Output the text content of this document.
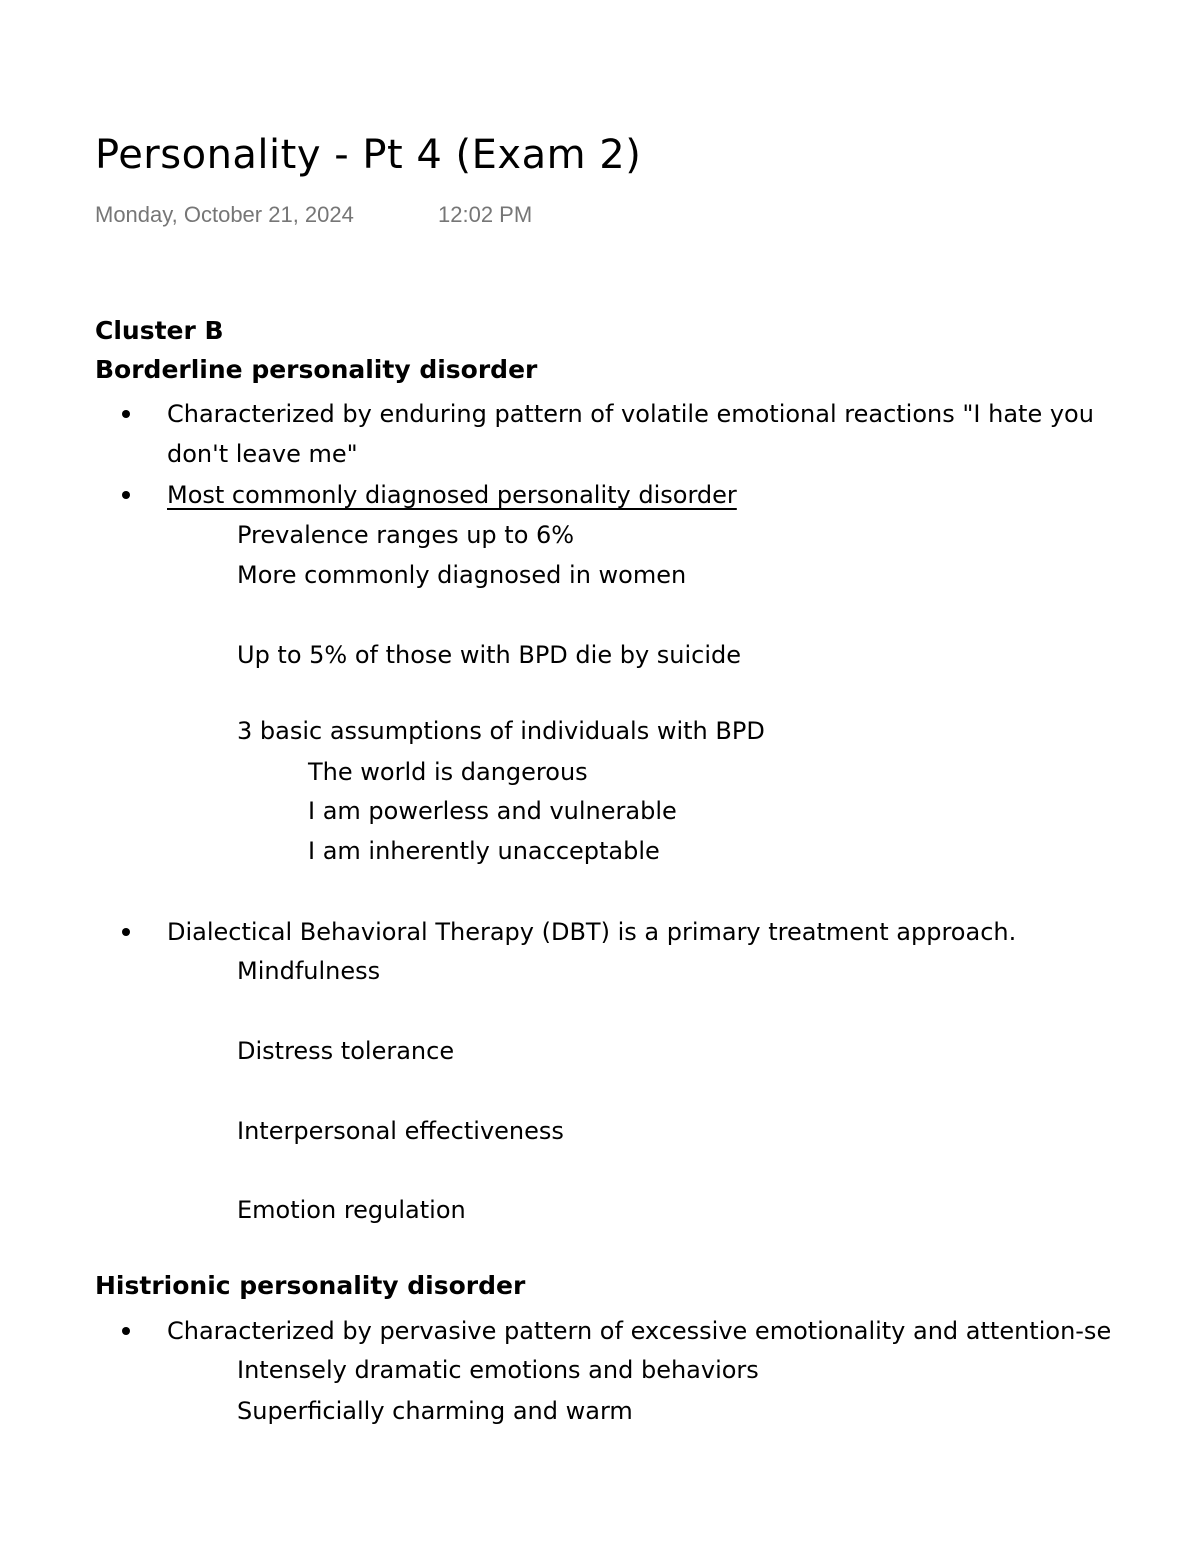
Personality - Pt 4 (Exam 2)
Monday, October 21, 2024	12:02 PM
Cluster B
Borderline personality disorder
Characterized by enduring pattern of volatile emotional reactions "I hate you
don't leave me"
Most commonly diagnosed personality disorder
Prevalence ranges up to 6%
More commonly diagnosed in women
Up to 5% of those with BPD die by suicide
3 basic assumptions of individuals with BPD
The world is dangerous
I am powerless and vulnerable
I am inherently unacceptable
Dialectical Behavioral Therapy (DBT) is a primary treatment approach.
Mindfulness
Distress tolerance
Interpersonal effectiveness
Emotion regulation
Histrionic personality disorder
Characterized by pervasive pattern of excessive emotionality and attention-se
Intensely dramatic emotions and behaviors
Superficially charming and warm
